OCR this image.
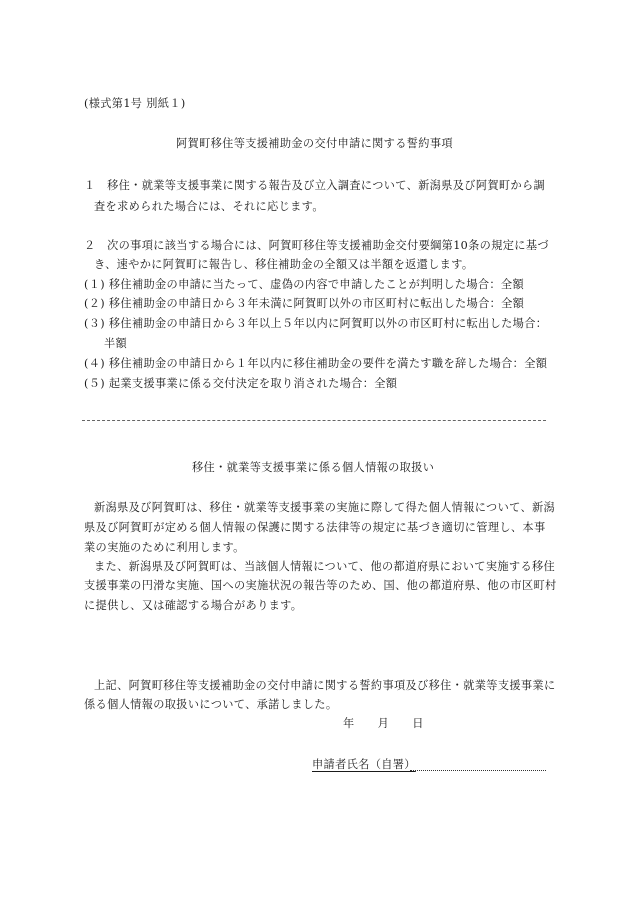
(様式第1号 別紙１)
阿賀町移住等支援補助金の交付申請に関する誓約事項
１　移住・就業等支援事業に関する報告及び立入調査について、新潟県及び阿賀町から調
査を求められた場合には、それに応じます。
２　次の事項に該当する場合には、阿賀町移住等支援補助金交付要綱第10条の規定に基づ
き、速やかに阿賀町に報告し、移住補助金の全額又は半額を返還します。
(１) 移住補助金の申請に当たって、虚偽の内容で申請したことが判明した場合：全額
(２) 移住補助金の申請日から３年未満に阿賀町以外の市区町村に転出した場合：全額
(３) 移住補助金の申請日から３年以上５年以内に阿賀町以外の市区町村に転出した場合：
半額
(４) 移住補助金の申請日から１年以内に移住補助金の要件を満たす職を辞した場合：全額
(５) 起業支援事業に係る交付決定を取り消された場合：全額
移住・就業等支援事業に係る個人情報の取扱い
新潟県及び阿賀町は、移住・就業等支援事業の実施に際して得た個人情報について、新潟
県及び阿賀町が定める個人情報の保護に関する法律等の規定に基づき適切に管理し、本事
業の実施のために利用します。
また、新潟県及び阿賀町は、当該個人情報について、他の都道府県において実施する移住
支援事業の円滑な実施、国への実施状況の報告等のため、国、他の都道府県、他の市区町村
に提供し、又は確認する場合があります。
上記、阿賀町移住等支援補助金の交付申請に関する誓約事項及び移住・就業等支援事業に
係る個人情報の取扱いについて、承諾しました。
年　　月　　日
申請者氏名（自署）
